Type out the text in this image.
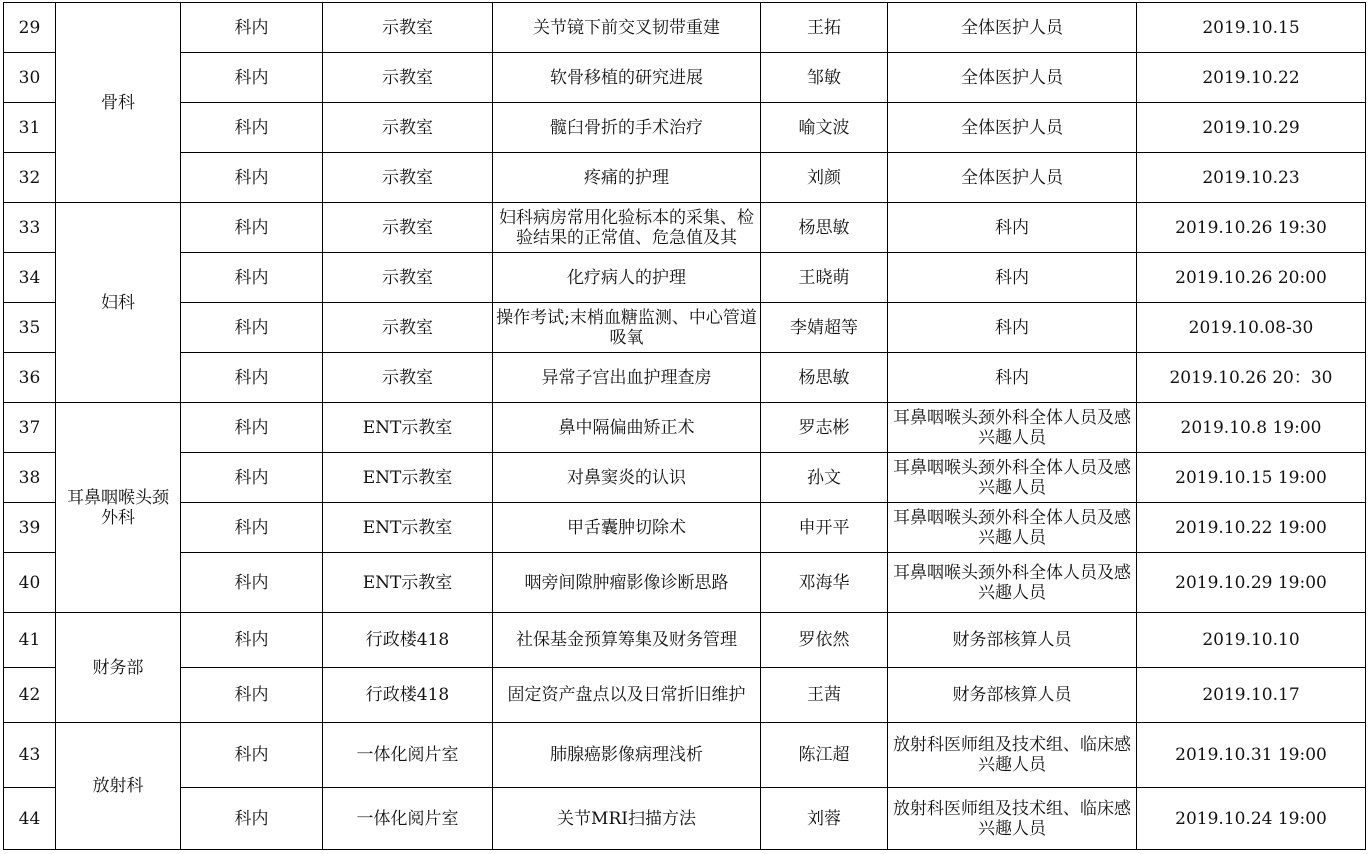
29	骨科	科内	示教室	关节镜下前交叉韧带重建	王拓	全体医护人员	2019.10.15
30		科内	示教室	软骨移植的研究进展	邹敏	全体医护人员	2019.10.22
31		科内	示教室	髋臼骨折的手术治疗	喻文波	全体医护人员	2019.10.29
32		科内	示教室	疼痛的护理	刘颜	全体医护人员	2019.10.23
33	妇科	科内	示教室	妇科病房常用化验标本的采集、检验结果的正常值、危急值及其	杨思敏	科内	2019.10.26 19:30
34		科内	示教室	化疗病人的护理	王晓萌	科内	2019.10.26 20:00
35		科内	示教室	操作考试;末梢血糖监测、中心管道吸氧	李婧超等	科内	2019.10.08-30
36		科内	示教室	异常子宫出血护理查房	杨思敏	科内	2019.10.26 20：30
37	耳鼻咽喉头颈外科	科内	ENT示教室	鼻中隔偏曲矫正术	罗志彬	耳鼻咽喉头颈外科全体人员及感兴趣人员	2019.10.8 19:00
38		科内	ENT示教室	对鼻窦炎的认识	孙文	耳鼻咽喉头颈外科全体人员及感兴趣人员	2019.10.15 19:00
39		科内	ENT示教室	甲舌囊肿切除术	申开平	耳鼻咽喉头颈外科全体人员及感兴趣人员	2019.10.22 19:00
40		科内	ENT示教室	咽旁间隙肿瘤影像诊断思路	邓海华	耳鼻咽喉头颈外科全体人员及感兴趣人员	2019.10.29 19:00
41	财务部	科内	行政楼418	社保基金预算筹集及财务管理	罗依然	财务部核算人员	2019.10.10
42		科内	行政楼418	固定资产盘点以及日常折旧维护	王茜	财务部核算人员	2019.10.17
43	放射科	科内	一体化阅片室	肺腺癌影像病理浅析	陈江超	放射科医师组及技术组、临床感兴趣人员	2019.10.31 19:00
44		科内	一体化阅片室	关节MRI扫描方法	刘蓉	放射科医师组及技术组、临床感兴趣人员	2019.10.24 19:00
